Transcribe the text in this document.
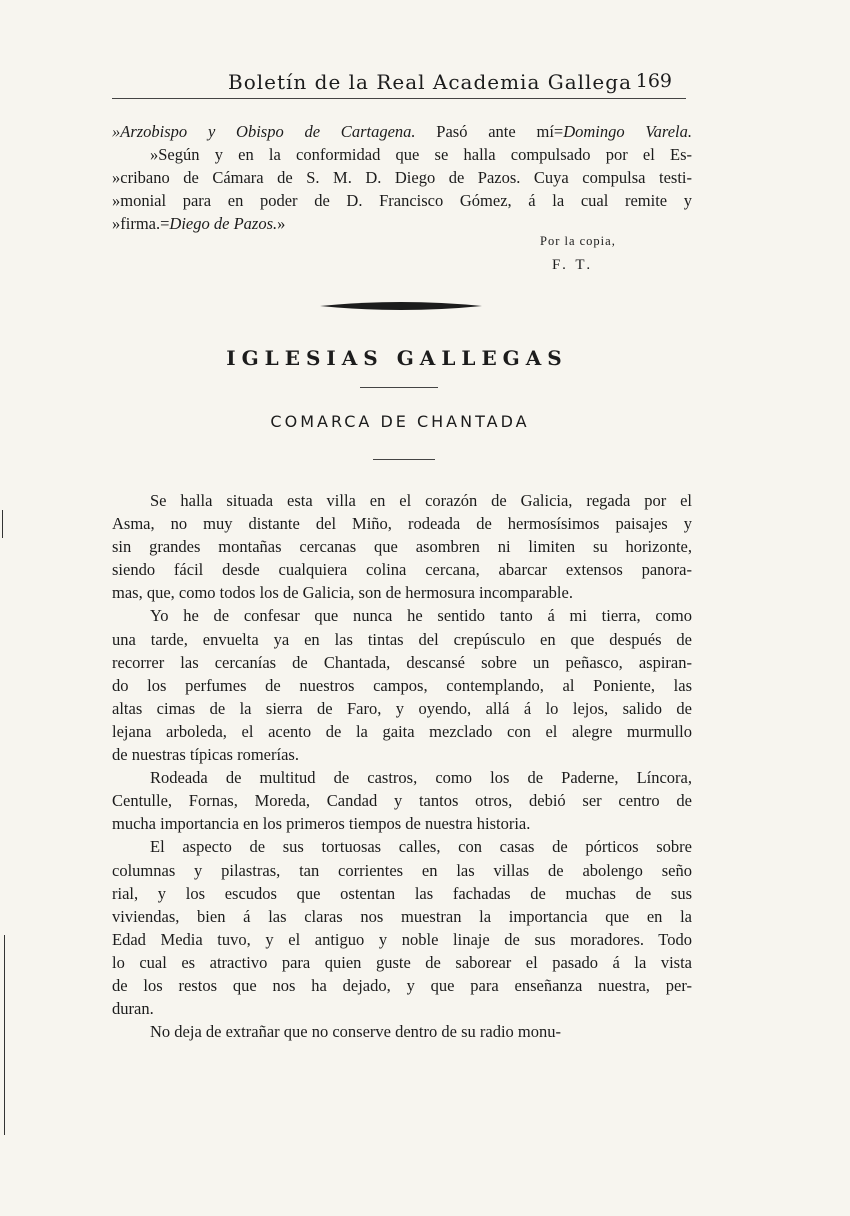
Boletín de la Real Academia Gallega 169
»Arzobispo y Obispo de Cartagena. Pasó ante mí=Domingo Varela.
»Según y en la conformidad que se halla compulsado por el Es-
»cribano de Cámara de S. M. D. Diego de Pazos. Cuya compulsa testi-
»monial para en poder de D. Francisco Gómez, á la cual remite y
»firma.=Diego de Pazos.»
Por la copia,
F. T.
IGLESIAS GALLEGAS
COMARCA DE CHANTADA
Se halla situada esta villa en el corazón de Galicia, regada por el
Asma, no muy distante del Miño, rodeada de hermosísimos paisajes y
sin grandes montañas cercanas que asombren ni limiten su horizonte,
siendo fácil desde cualquiera colina cercana, abarcar extensos panora-
mas, que, como todos los de Galicia, son de hermosura incomparable.
Yo he de confesar que nunca he sentido tanto á mi tierra, como
una tarde, envuelta ya en las tintas del crepúsculo en que después de
recorrer las cercanías de Chantada, descansé sobre un peñasco, aspiran-
do los perfumes de nuestros campos, contemplando, al Poniente, las
altas cimas de la sierra de Faro, y oyendo, allá á lo lejos, salido de
lejana arboleda, el acento de la gaita mezclado con el alegre murmullo
de nuestras típicas romerías.
Rodeada de multitud de castros, como los de Paderne, Líncora,
Centulle, Fornas, Moreda, Candad y tantos otros, debió ser centro de
mucha importancia en los primeros tiempos de nuestra historia.
El aspecto de sus tortuosas calles, con casas de pórticos sobre
columnas y pilastras, tan corrientes en las villas de abolengo seño
rial, y los escudos que ostentan las fachadas de muchas de sus
viviendas, bien á las claras nos muestran la importancia que en la
Edad Media tuvo, y el antiguo y noble linaje de sus moradores. Todo
lo cual es atractivo para quien guste de saborear el pasado á la vista
de los restos que nos ha dejado, y que para enseñanza nuestra, per-
duran.
No deja de extrañar que no conserve dentro de su radio monu-
